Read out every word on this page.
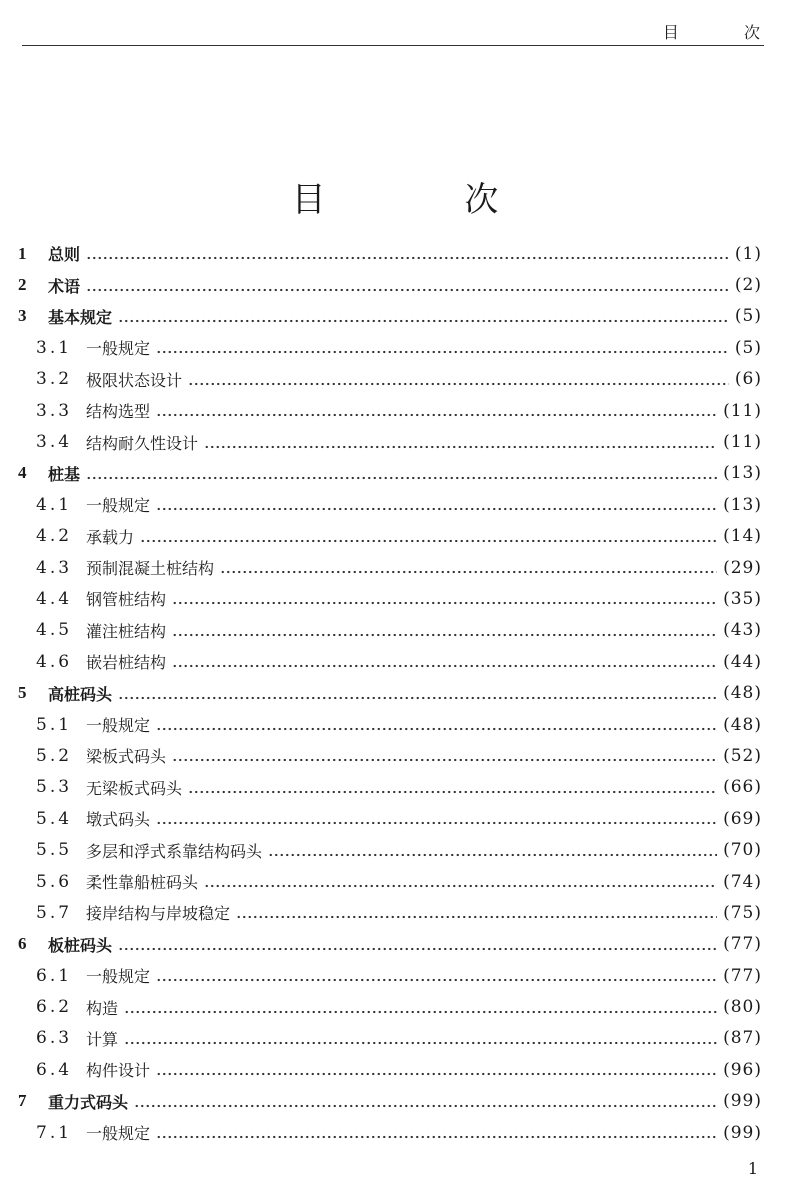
目 次
目 次
1	总则	(1)
2	术语	(2)
3	基本规定	(5)
3.1 一般规定	(5)
3.2 极限状态设计	(6)
3.3 结构选型	(11)
3.4 结构耐久性设计	(11)
4	桩基	(13)
4.1 一般规定	(13)
4.2 承载力	(14)
4.3 预制混凝土桩结构	(29)
4.4 钢管桩结构	(35)
4.5 灌注桩结构	(43)
4.6 嵌岩桩结构	(44)
5	高桩码头	(48)
5.1 一般规定	(48)
5.2 梁板式码头	(52)
5.3 无梁板式码头	(66)
5.4 墩式码头	(69)
5.5 多层和浮式系靠结构码头	(70)
5.6 柔性靠船桩码头	(74)
5.7 接岸结构与岸坡稳定	(75)
6	板桩码头	(77)
6.1 一般规定	(77)
6.2 构造	(80)
6.3 计算	(87)
6.4 构件设计	(96)
7	重力式码头	(99)
7.1 一般规定	(99)
1
